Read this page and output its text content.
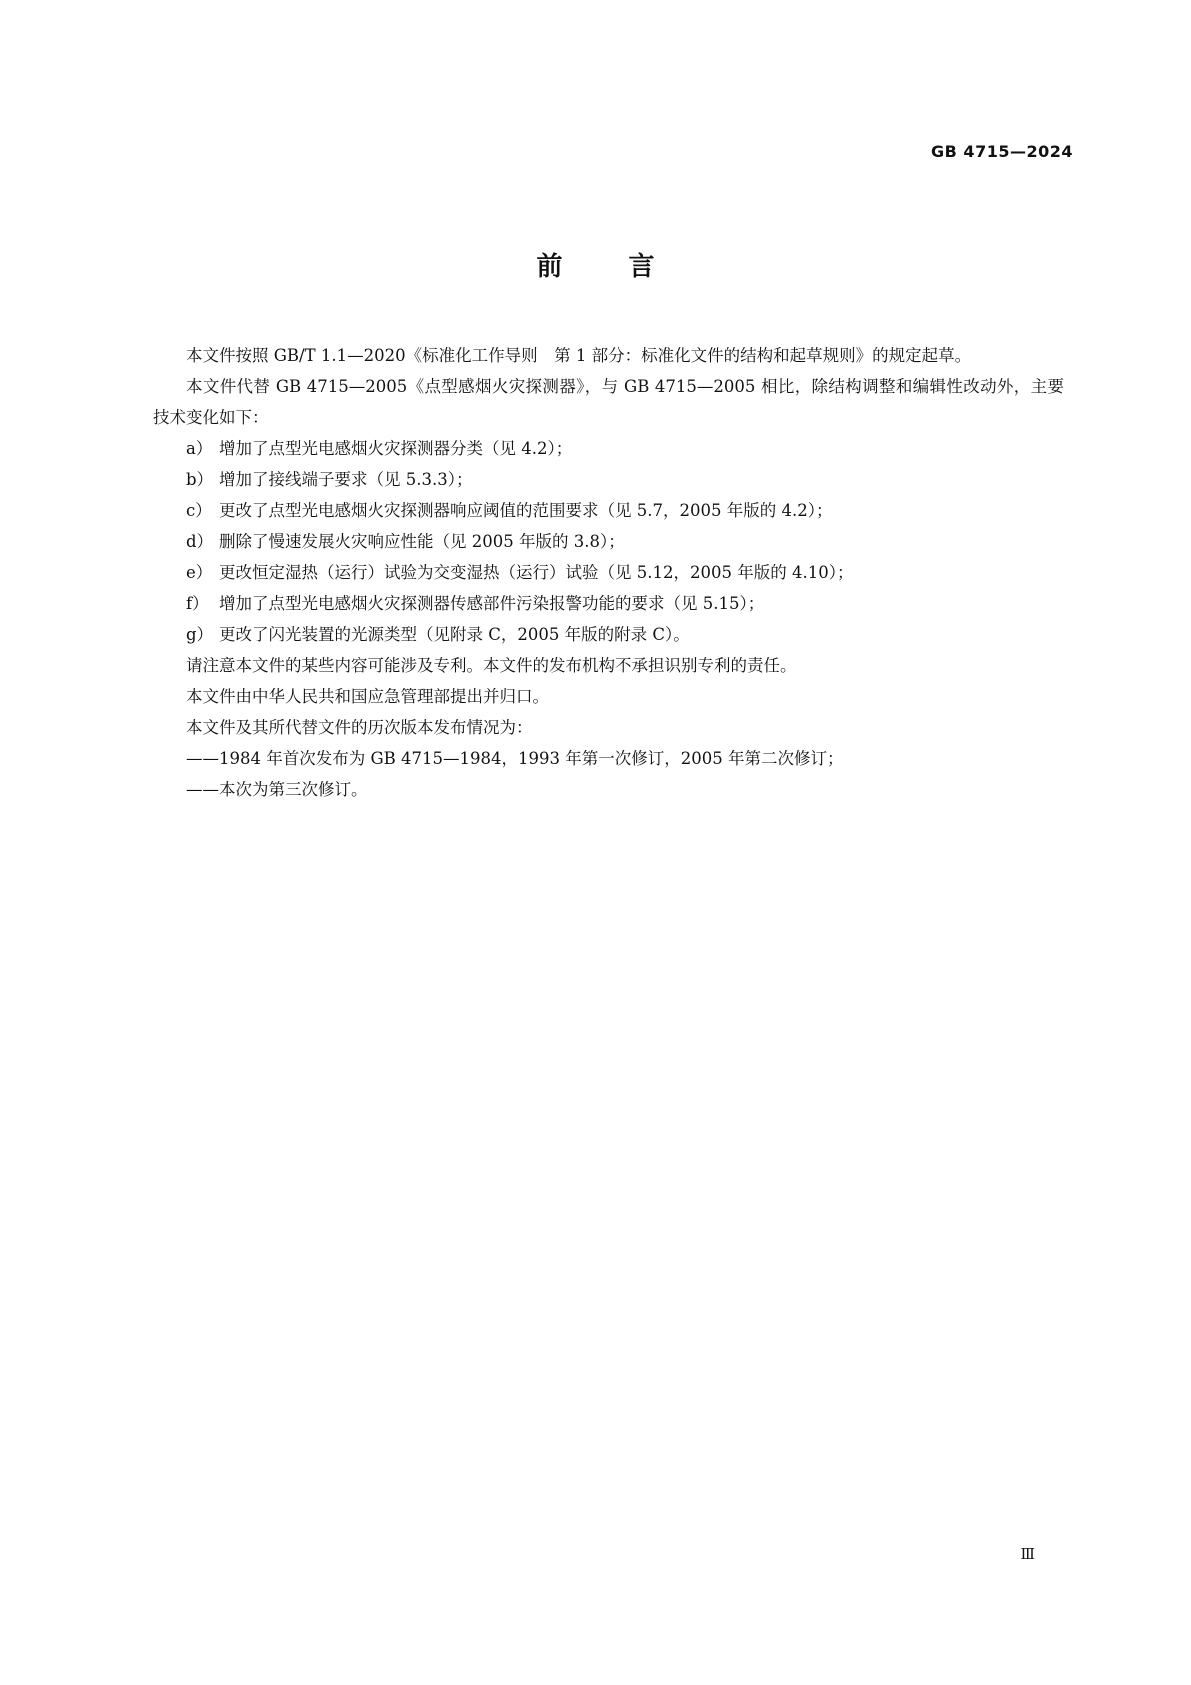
GB 4715—2024
前言

本文件按照 GB/T 1.1—2020《标准化工作导则　第 1 部分：标准化文件的结构和起草规则》的规定起草。

本文件代替 GB 4715—2005《点型感烟火灾探测器》，与 GB 4715—2005 相比，除结构调整和编辑性改动外，主要技术变化如下：

a） 增加了点型光电感烟火灾探测器分类（见 4.2）；
b） 增加了接线端子要求（见 5.3.3）；
c） 更改了点型光电感烟火灾探测器响应阈值的范围要求（见 5.7，2005 年版的 4.2）；
d） 删除了慢速发展火灾响应性能（见 2005 年版的 3.8）；
e） 更改恒定湿热（运行）试验为交变湿热（运行）试验（见 5.12，2005 年版的 4.10）；
f） 增加了点型光电感烟火灾探测器传感部件污染报警功能的要求（见 5.15）；
g） 更改了闪光装置的光源类型（见附录 C，2005 年版的附录 C）。

请注意本文件的某些内容可能涉及专利。本文件的发布机构不承担识别专利的责任。

本文件由中华人民共和国应急管理部提出并归口。

本文件及其所代替文件的历次版本发布情况为：

——1984 年首次发布为 GB 4715—1984，1993 年第一次修订，2005 年第二次修订；

——本次为第三次修订。

Ⅲ
